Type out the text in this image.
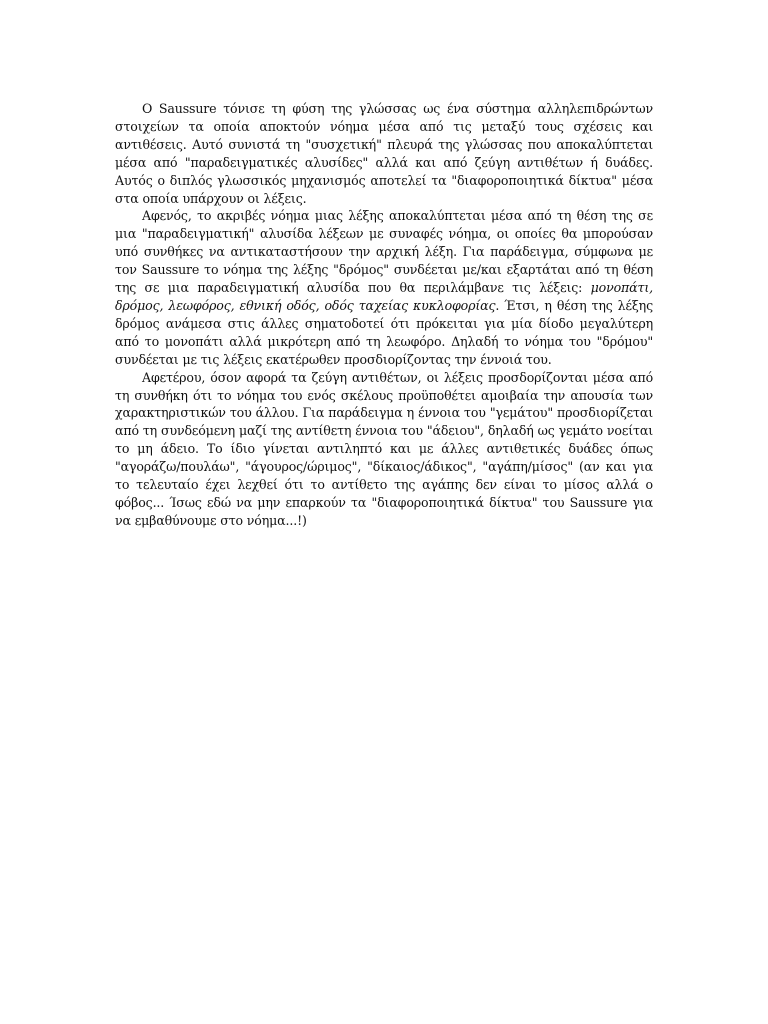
Ο Saussure τόνισε τη φύση της γλώσσας ως ένα σύστημα αλληλεπιδρώντων στοιχείων τα οποία αποκτούν νόημα μέσα από τις μεταξύ τους σχέσεις και αντιθέσεις. Αυτό συνιστά τη "συσχετική" πλευρά της γλώσσας που αποκαλύπτεται μέσα από "παραδειγματικές αλυσίδες" αλλά και από ζεύγη αντιθέτων ή δυάδες. Αυτός ο διπλός γλωσσικός μηχανισμός αποτελεί τα "διαφοροποιητικά δίκτυα" μέσα στα οποία υπάρχουν οι λέξεις.

Αφενός, το ακριβές νόημα μιας λέξης αποκαλύπτεται μέσα από τη θέση της σε μια "παραδειγματική" αλυσίδα λέξεων με συναφές νόημα, οι οποίες θα μπορούσαν υπό συνθήκες να αντικαταστήσουν την αρχική λέξη. Για παράδειγμα, σύμφωνα με τον Saussure το νόημα της λέξης "δρόμος" συνδέεται με/και εξαρτάται από τη θέση της σε μια παραδειγματική αλυσίδα που θα περιλάμβανε τις λέξεις: μονοπάτι, δρόμος, λεωφόρος, εθνική οδός, οδός ταχείας κυκλοφορίας. Έτσι, η θέση της λέξης δρόμος ανάμεσα στις άλλες σηματοδοτεί ότι πρόκειται για μία δίοδο μεγαλύτερη από το μονοπάτι αλλά μικρότερη από τη λεωφόρο. Δηλαδή το νόημα του "δρόμου" συνδέεται με τις λέξεις εκατέρωθεν προσδιορίζοντας την έννοιά του.

Αφετέρου, όσον αφορά τα ζεύγη αντιθέτων, οι λέξεις προσδορίζονται μέσα από τη συνθήκη ότι το νόημα του ενός σκέλους προϋποθέτει αμοιβαία την απουσία των χαρακτηριστικών του άλλου. Για παράδειγμα η έννοια του "γεμάτου" προσδιορίζεται από τη συνδεόμενη μαζί της αντίθετη έννοια του "άδειου", δηλαδή ως γεμάτο νοείται το μη άδειο. Το ίδιο γίνεται αντιληπτό και με άλλες αντιθετικές δυάδες όπως "αγοράζω/πουλάω", "άγουρος/ώριμος", "δίκαιος/άδικος", "αγάπη/μίσος" (αν και για το τελευταίο έχει λεχθεί ότι το αντίθετο της αγάπης δεν είναι το μίσος αλλά ο φόβος... Ίσως εδώ να μην επαρκούν τα "διαφοροποιητικά δίκτυα" του Saussure για να εμβαθύνουμε στο νόημα...!)
